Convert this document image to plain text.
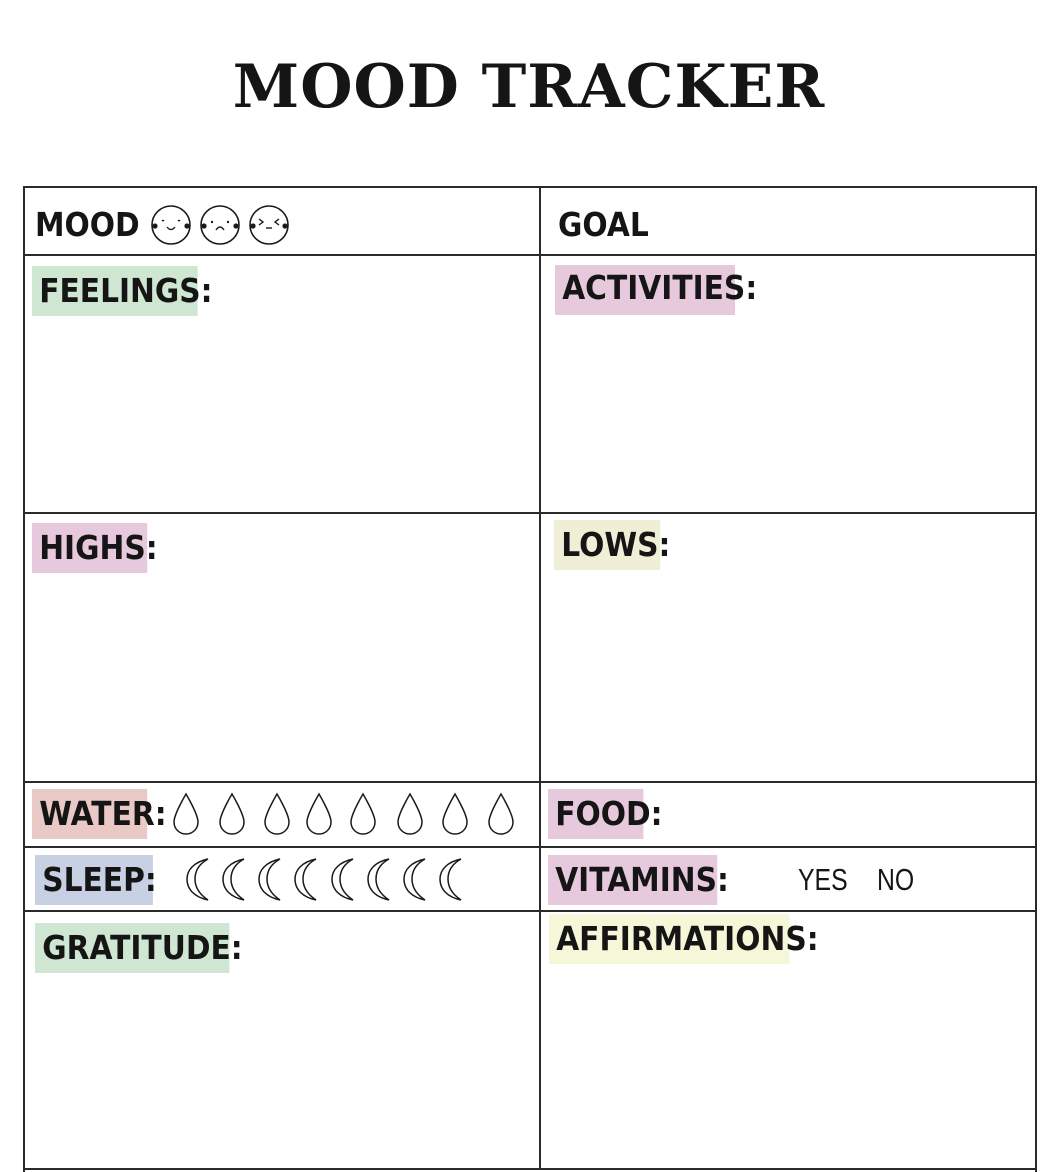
MOOD TRACKER
MOOD	GOAL
FEELINGS:	ACTIVITIES:
HIGHS:	LOWS:
WATER:	FOOD:
SLEEP:	VITAMINS: YES NO
GRATITUDE:	AFFIRMATIONS:
